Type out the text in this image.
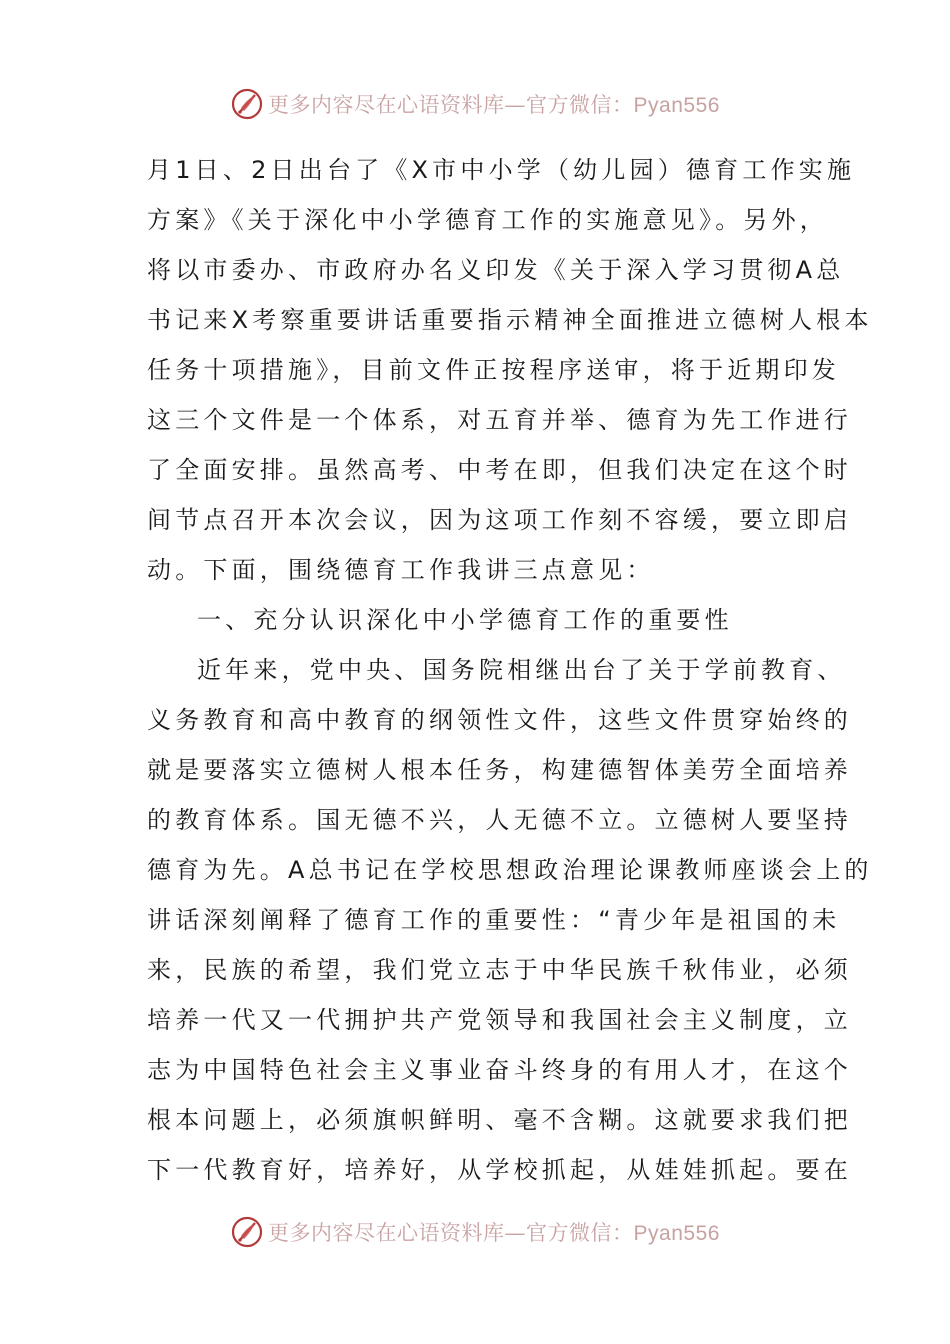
更多内容尽在心语资料库—官方微信：Pyan556
月1日、2日出台了《X市中小学（幼儿园）德育工作实施
方案》《关于深化中小学德育工作的实施意见》。另外，
将以市委办、市政府办名义印发《关于深入学习贯彻A总
书记来X考察重要讲话重要指示精神全面推进立德树人根本
任务十项措施》，目前文件正按程序送审，将于近期印发
这三个文件是一个体系，对五育并举、德育为先工作进行
了全面安排。虽然高考、中考在即，但我们决定在这个时
间节点召开本次会议，因为这项工作刻不容缓，要立即启
动。下面，围绕德育工作我讲三点意见：
一、充分认识深化中小学德育工作的重要性
近年来，党中央、国务院相继出台了关于学前教育、
义务教育和高中教育的纲领性文件，这些文件贯穿始终的
就是要落实立德树人根本任务，构建德智体美劳全面培养
的教育体系。国无德不兴，人无德不立。立德树人要坚持
德育为先。A总书记在学校思想政治理论课教师座谈会上的
讲话深刻阐释了德育工作的重要性：“青少年是祖国的未
来，民族的希望，我们党立志于中华民族千秋伟业，必须
培养一代又一代拥护共产党领导和我国社会主义制度，立
志为中国特色社会主义事业奋斗终身的有用人才，在这个
根本问题上，必须旗帜鲜明、毫不含糊。这就要求我们把
下一代教育好，培养好，从学校抓起，从娃娃抓起。要在
更多内容尽在心语资料库—官方微信：Pyan556
